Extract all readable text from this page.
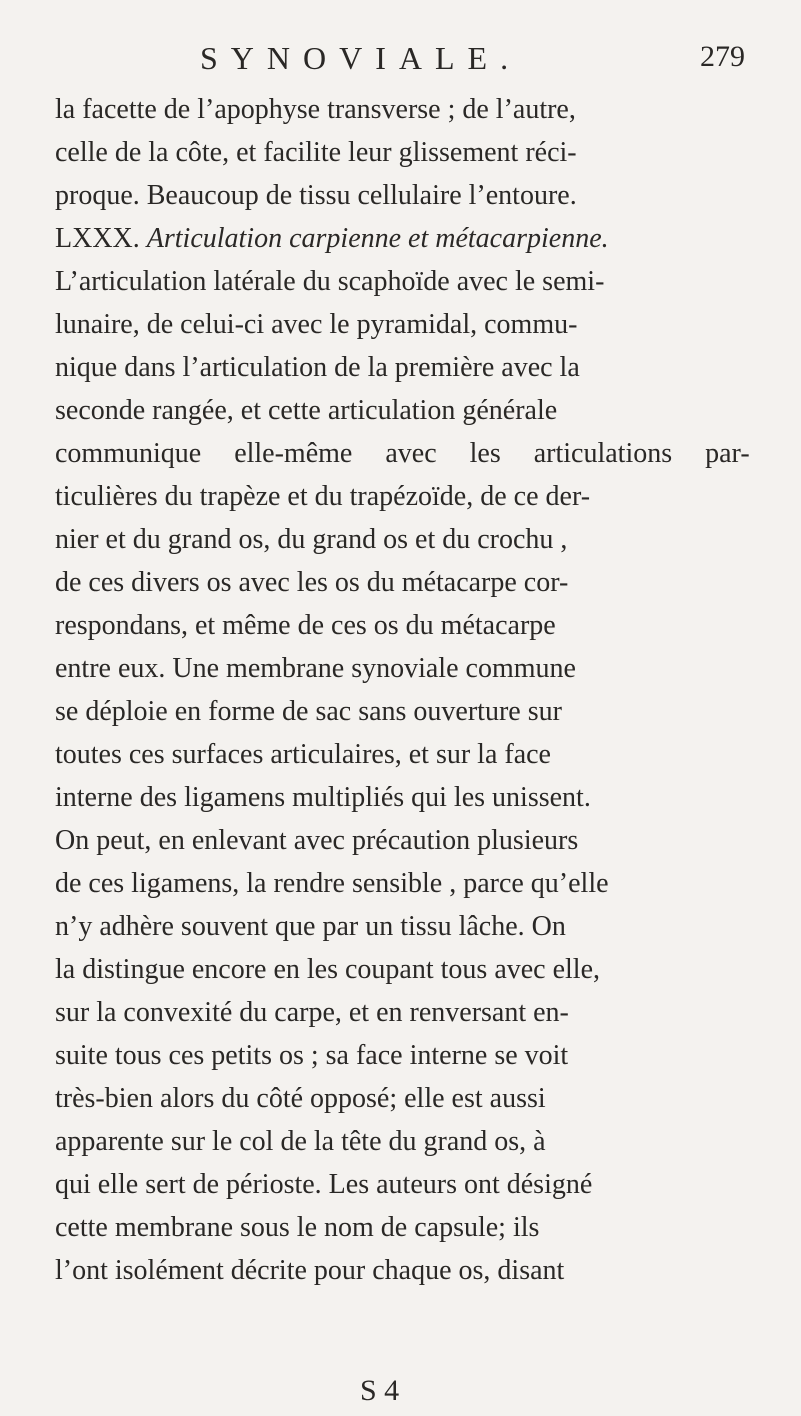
SYNOVIALE.	279
la facette de l’apophyse transverse ; de l’autre,
celle de la côte, et facilite leur glissement réci-
proque. Beaucoup de tissu cellulaire l’entoure.
LXXX. Articulation carpienne et métacarpienne.
L’articulation latérale du scaphoïde avec le semi-
lunaire, de celui-ci avec le pyramidal, commu-
nique dans l’articulation de la première avec la
seconde rangée, et cette articulation générale
communique elle-même avec les articulations par-
ticulières du trapèze et du trapézoïde, de ce der-
nier et du grand os, du grand os et du crochu ,
de ces divers os avec les os du métacarpe cor-
respondans, et même de ces os du métacarpe
entre eux. Une membrane synoviale commune
se déploie en forme de sac sans ouverture sur
toutes ces surfaces articulaires, et sur la face
interne des ligamens multipliés qui les unissent.
On peut, en enlevant avec précaution plusieurs
de ces ligamens, la rendre sensible , parce qu’elle
n’y adhère souvent que par un tissu lâche. On
la distingue encore en les coupant tous avec elle,
sur la convexité du carpe, et en renversant en-
suite tous ces petits os ; sa face interne se voit
très-bien alors du côté opposé; elle est aussi
apparente sur le col de la tête du grand os, à
qui elle sert de périoste. Les auteurs ont désigné
cette membrane sous le nom de capsule; ils
l’ont isolément décrite pour chaque os, disant
S 4
